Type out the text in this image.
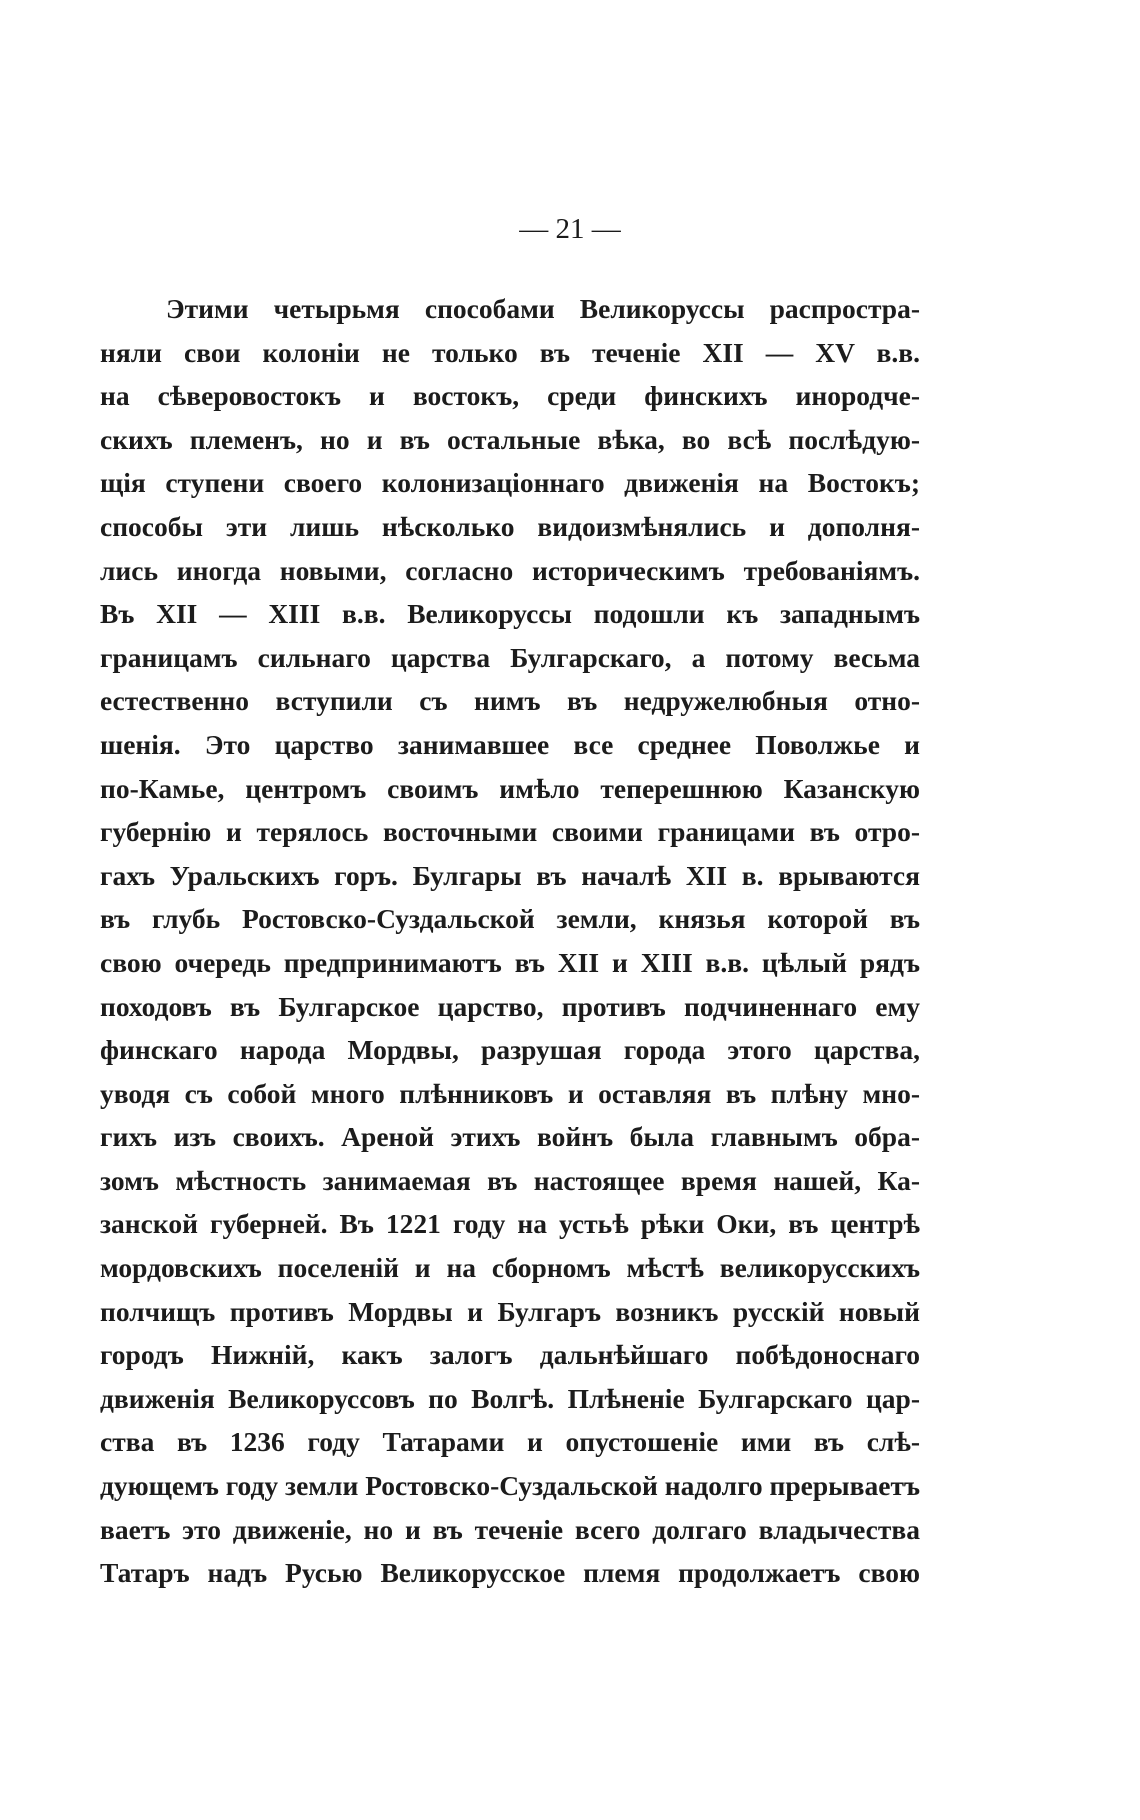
— 21 —
Этими четырьмя способами Великоруссы распростра-
няли свои колоніи не только въ теченіе XII — XV в.в.
на сѣверовостокъ и востокъ, среди финскихъ инородче-
скихъ племенъ, но и въ остальные вѣка, во всѣ послѣдую-
щія ступени своего колонизаціоннаго движенія на Востокъ;
способы эти лишь нѣсколько видоизмѣнялись и дополня-
лись иногда новыми, согласно историческимъ требованіямъ.
Въ XII — XIII в.в. Великоруссы подошли къ западнымъ
границамъ сильнаго царства Булгарскаго, а потому весьма
естественно вступили съ нимъ въ недружелюбныя отно-
шенія. Это царство занимавшее все среднее Поволжье и
по-Камье, центромъ своимъ имѣло теперешнюю Казанскую
губернію и терялось восточными своими границами въ отро-
гахъ Уральскихъ горъ. Булгары въ началѣ XII в. врываются
въ глубь Ростовско-Суздальской земли, князья которой въ
свою очередь предпринимаютъ въ XII и XIII в.в. цѣлый рядъ
походовъ въ Булгарское царство, противъ подчиненнаго ему
финскаго народа Мордвы, разрушая города этого царства,
уводя съ собой много плѣнниковъ и оставляя въ плѣну мно-
гихъ изъ своихъ. Ареной этихъ войнъ была главнымъ обра-
зомъ мѣстность занимаемая въ настоящее время нашей, Ка-
занской губерней. Въ 1221 году на устьѣ рѣки Оки, въ центрѣ
мордовскихъ поселеній и на сборномъ мѣстѣ великорусскихъ
полчищъ противъ Мордвы и Булгаръ возникъ русскій новый
городъ Нижній, какъ залогъ дальнѣйшаго побѣдоноснаго
движенія Великоруссовъ по Волгѣ. Плѣненіе Булгарскаго цар-
ства въ 1236 году Татарами и опустошеніе ими въ слѣ-
дующемъ году земли Ростовско-Суздальской надолго прерываетъ
ваетъ это движеніе, но и въ теченіе всего долгаго владычества
Татаръ надъ Русью Великорусское племя продолжаетъ свою
